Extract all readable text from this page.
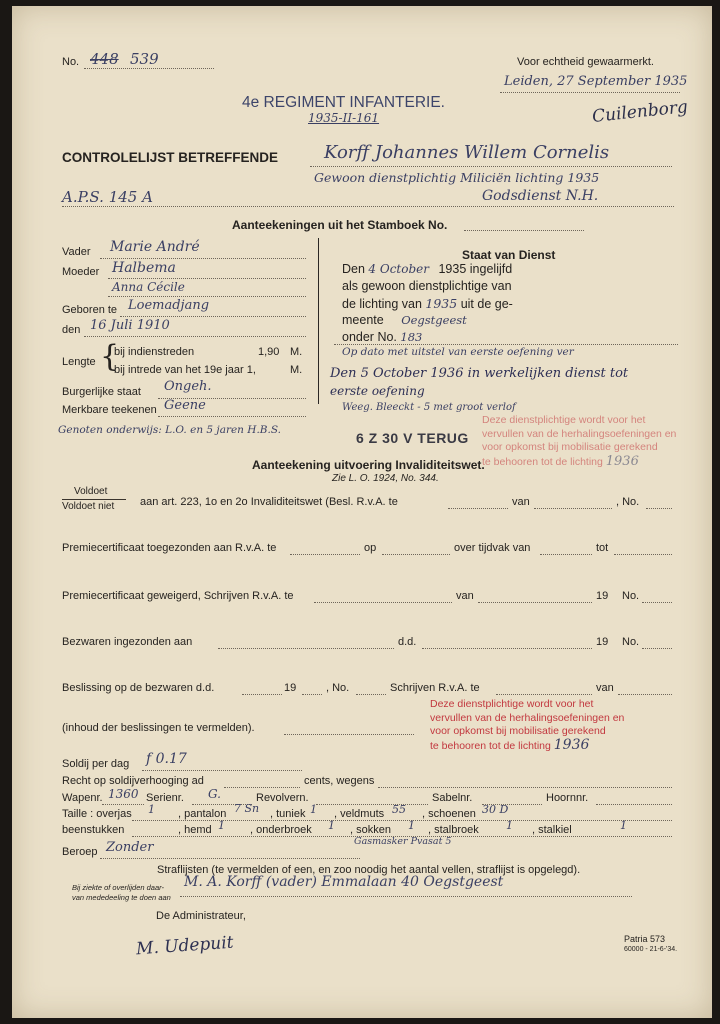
No. 448 539	Voor echtheid gewaarmerkt.
Leiden, 27 September 1935
Cuilenborg
4e REGIMENT INFANTERIE.
1935-II-161
CONTROLELIJST BETREFFENDE	Korff Johannes Willem Cornelis
Gewoon dienstplichtig Miliciën lichting 1935
A.P.S. 145 A	Godsdienst N.H.
Aanteekeningen uit het Stamboek No.
Vader Marie André
Moeder Halbema
Anna Cécile
Geboren te Loemadjang
den 16 Juli 1910
Lengte {
bij indienstreden	1,90 M.
bij intrede van het 19e jaar 1,	M.
Burgerlijke staat Ongeh.
Merkbare teekenen Geene
Genoten onderwijs: L.O. en 5 jaren H.B.S.
Staat van Dienst
Den 4 October 1935 ingelijfd
als gewoon dienstplichtige van
de lichting van 1935 uit de ge-
meente Oegstgeest
onder No. 183
Op dato met uitstel van eerste oefening ver
Den 5 October 1936 in werkelijken dienst tot
eerste oefening
Weeg. Bleeckt - 5 met groot verlof
6 Z 30 V TERUG
Deze dienstplichtige wordt voor het
vervullen van de herhalingsoefeningen en
voor opkomst bij mobilisatie gerekend
te behooren tot de lichting 1936
Aanteekening uitvoering Invaliditeitswet.
Zie L. O. 1924, No. 344.
Voldoet
Voldoet niet aan art. 223, 1o en 2o Invaliditeitswet (Besl. R.v.A. te	van	, No.
Premiecertificaat toegezonden aan R.v.A. te	op	over tijdvak van	tot
Premiecertificaat geweigerd, Schrijven R.v.A. te	van	19 No.
Bezwaren ingezonden aan	d.d.	19 No.
Beslissing op de bezwaren d.d.	19	, No.	Schrijven R.v.A. te	van
(inhoud der beslissingen te vermelden).
Deze dienstplichtige wordt voor het
vervullen van de herhalingsoefeningen en
voor opkomst bij mobilisatie gerekend
te behooren tot de lichting 1936
Soldij per dag f 0.17
Recht op soldijverhooging ad	cents, wegens
Wapenr. 1360 Serienr. G.	Revolvern.	Sabelnr.	Hoornnr.
Taille : overjas 1 , pantalon 7 Sn , tuniek 1 , veldmuts 55 , schoenen 30 D
beenstukken	, hemd 1 , onderbroek 1 , sokken 1 , stalbroek 1 , stalkiel	1
Gasmasker Pvasat 5
Beroep Zonder
Straflijsten (te vermelden of een, en zoo noodig het aantal vellen, straflijst is opgelegd).
Bij ziekte of overlijden daar-
van mededeeling te doen aan
M. A. Korff (vader) Emmalaan 40 Oegstgeest
De Administrateur,
M. Udepuit	Patria 573
60000 - 21-6-'34.
